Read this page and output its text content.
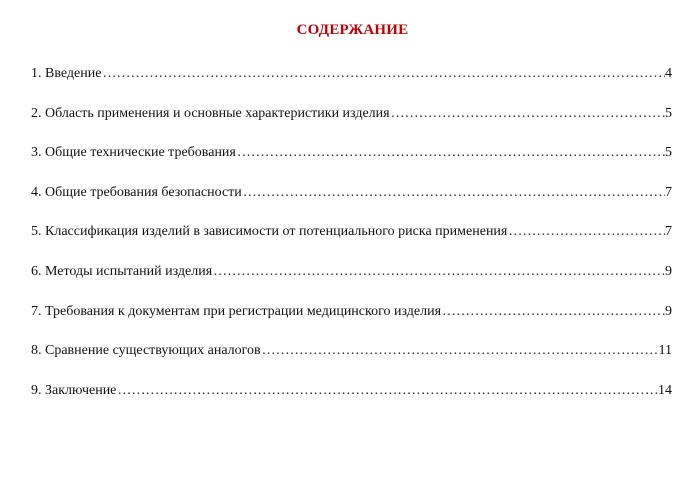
СОДЕРЖАНИЕ
1. Введение ……………………………………………………………………………………………………………………………………………………………………………………………………	4
2. Область применения и основные характеристики изделия ……………………………………………………………………………………………………………………………………………………………………………………………………	5
3. Общие технические требования ……………………………………………………………………………………………………………………………………………………………………………………………………	5
4. Общие требования безопасности ……………………………………………………………………………………………………………………………………………………………………………………………………	7
5. Классификация изделий в зависимости от потенциального риска применения ……………………………………………………………………………………………………………………………………………………………………………………………………	7
6. Методы испытаний изделия ……………………………………………………………………………………………………………………………………………………………………………………………………	9
7. Требования к документам при регистрации медицинского изделия ……………………………………………………………………………………………………………………………………………………………………………………………………	9
8. Сравнение существующих аналогов ……………………………………………………………………………………………………………………………………………………………………………………………………	11
9. Заключение ……………………………………………………………………………………………………………………………………………………………………………………………………	14
